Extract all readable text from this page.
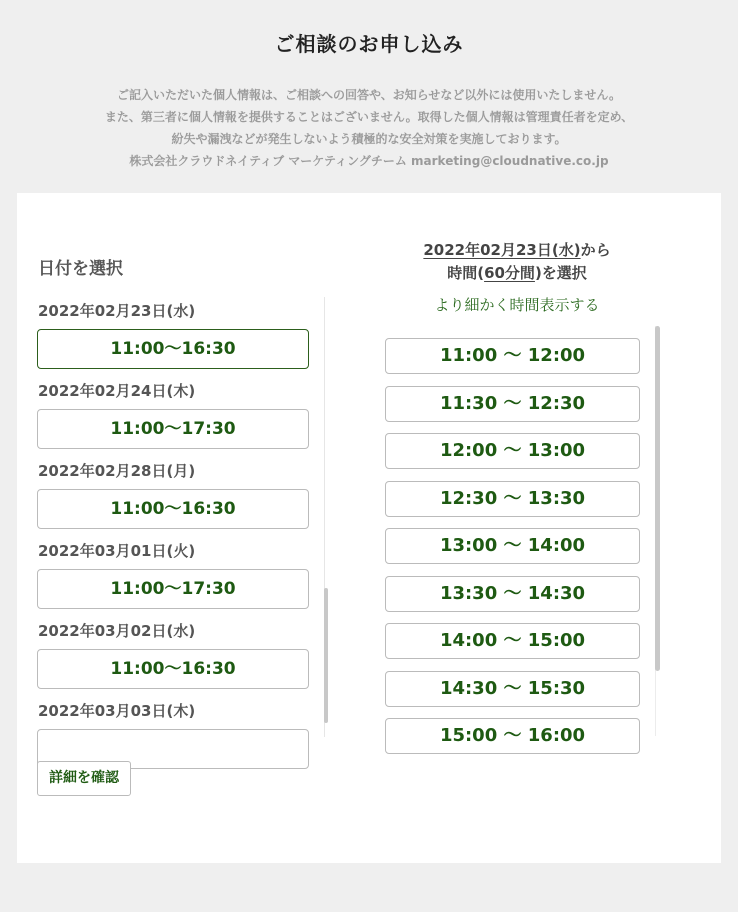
ご相談のお申し込み
ご記入いただいた個人情報は、ご相談への回答や、お知らせなど以外には使用いたしません。
また、第三者に個人情報を提供することはございません。取得した個人情報は管理責任者を定め、
紛失や漏洩などが発生しないよう積極的な安全対策を実施しております。
株式会社クラウドネイティブ マーケティングチーム marketing@cloudnative.co.jp
日付を選択
2022年02月23日(水)
11:00〜16:30
2022年02月24日(木)
11:00〜17:30
2022年02月28日(月)
11:00〜16:30
2022年03月01日(火)
11:00〜17:30
2022年03月02日(水)
11:00〜16:30
2022年03月03日(木)
2022年02月23日(水)から
時間(60分間)を選択
より細かく時間表示する
11:00 〜 12:00
11:30 〜 12:30
12:00 〜 13:00
12:30 〜 13:30
13:00 〜 14:00
13:30 〜 14:30
14:00 〜 15:00
14:30 〜 15:30
15:00 〜 16:00
詳細を確認
